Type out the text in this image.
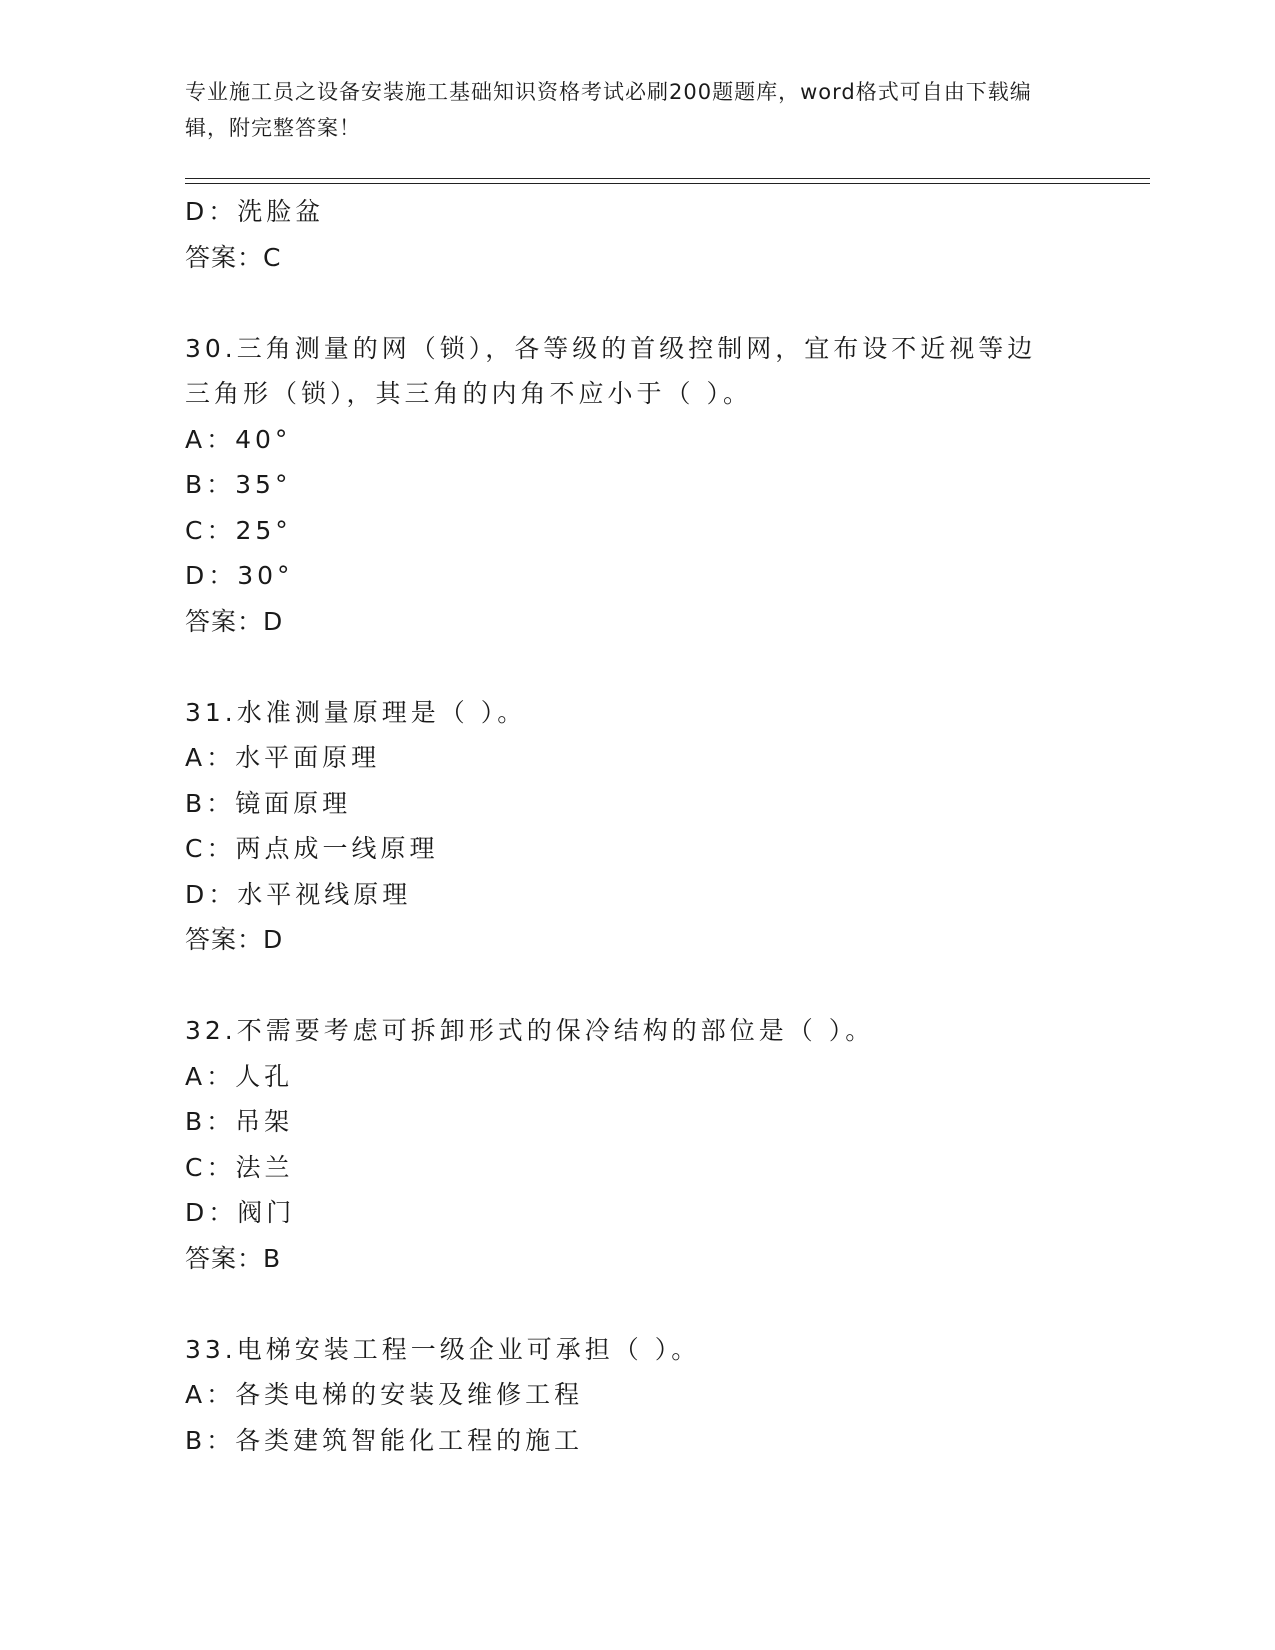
专业施工员之设备安装施工基础知识资格考试必刷200题题库，word格式可自由下载编辑，附完整答案！
D：洗脸盆
答案：C
30.三角测量的网（锁），各等级的首级控制网，宜布设不近视等边三角形（锁），其三角的内角不应小于（ ）。
A：40°
B：35°
C：25°
D：30°
答案：D
31.水准测量原理是（ ）。
A：水平面原理
B：镜面原理
C：两点成一线原理
D：水平视线原理
答案：D
32.不需要考虑可拆卸形式的保冷结构的部位是（ ）。
A：人孔
B：吊架
C：法兰
D：阀门
答案：B
33.电梯安装工程一级企业可承担（ ）。
A：各类电梯的安装及维修工程
B：各类建筑智能化工程的施工
